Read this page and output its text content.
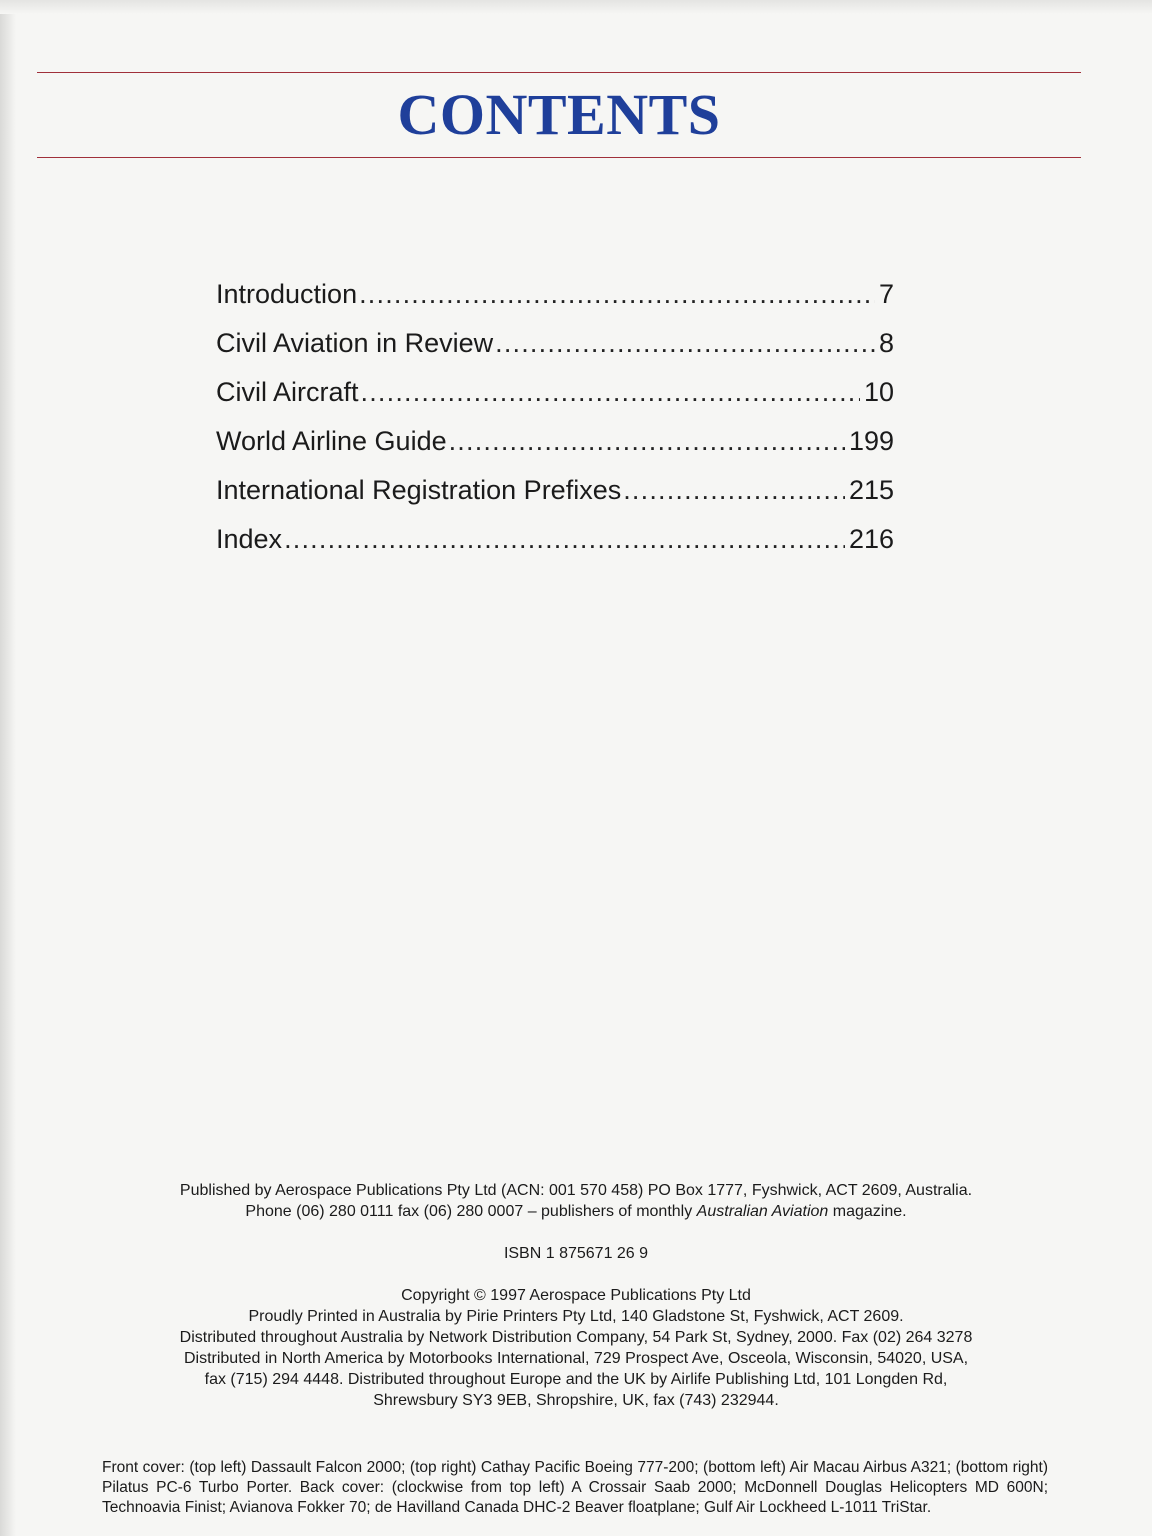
CONTENTS
Introduction .....	7
Civil Aviation in Review .....	8
Civil Aircraft .....	10
World Airline Guide .....	199
International Registration Prefixes .....	215
Index .....	216

Published by Aerospace Publications Pty Ltd (ACN: 001 570 458) PO Box 1777, Fyshwick, ACT 2609, Australia.

Phone (06) 280 0111 fax (06) 280 0007 – publishers of monthly Australian Aviation magazine.

ISBN 1 875671 26 9

Copyright © 1997 Aerospace Publications Pty Ltd

Proudly Printed in Australia by Pirie Printers Pty Ltd, 140 Gladstone St, Fyshwick, ACT 2609.

Distributed throughout Australia by Network Distribution Company, 54 Park St, Sydney, 2000. Fax (02) 264 3278

Distributed in North America by Motorbooks International, 729 Prospect Ave, Osceola, Wisconsin, 54020, USA,

fax (715) 294 4448. Distributed throughout Europe and the UK by Airlife Publishing Ltd, 101 Longden Rd,

Shrewsbury SY3 9EB, Shropshire, UK, fax (743) 232944.

Front cover: (top left) Dassault Falcon 2000; (top right) Cathay Pacific Boeing 777-200; (bottom left) Air Macau Airbus A321; (bottom right) Pilatus PC-6 Turbo Porter. Back cover: (clockwise from top left) A Crossair Saab 2000; McDonnell Douglas Helicopters MD 600N; Technoavia Finist; Avianova Fokker 70; de Havilland Canada DHC-2 Beaver floatplane; Gulf Air Lockheed L-1011 TriStar.
